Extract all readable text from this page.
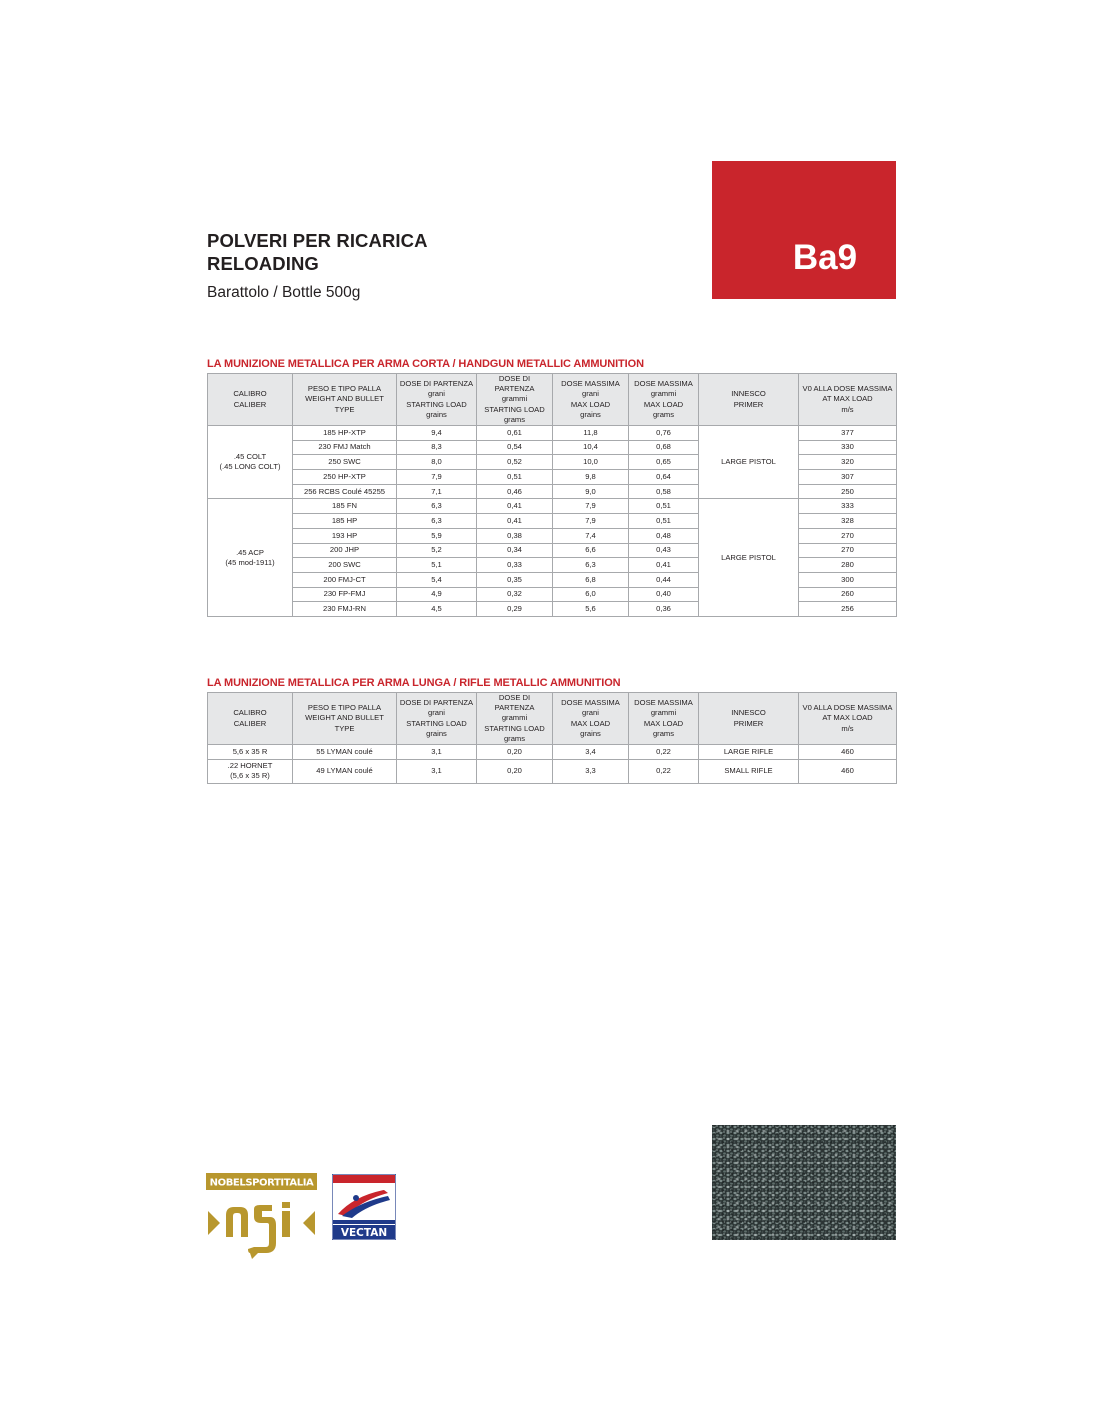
POLVERI PER RICARICA
RELOADING
Barattolo / Bottle 500g
Ba9
LA MUNIZIONE METALLICA PER ARMA CORTA / HANDGUN METALLIC AMMUNITION
CALIBRO
CALIBER	PESO E TIPO PALLA
WEIGHT AND BULLET TYPE	DOSE DI PARTENZA
grani
STARTING LOAD
grains	DOSE DI PARTENZA
grammi
STARTING LOAD
grams	DOSE MASSIMA
grani
MAX LOAD
grains	DOSE MASSIMA
grammi
MAX LOAD
grams	INNESCO
PRIMER	V0 ALLA DOSE MASSIMA
AT MAX LOAD
m/s

.45 COLT
(.45 LONG COLT)	185 HP-XTP	9,4	0,61	11,8	0,76	LARGE PISTOL	377
	230 FMJ Match	8,3	0,54	10,4	0,68		330
	250 SWC	8,0	0,52	10,0	0,65		320
	250 HP-XTP	7,9	0,51	9,8	0,64		307
	256 RCBS Coulé 45255	7,1	0,46	9,0	0,58		250

.45 ACP
(45 mod-1911)	185 FN	6,3	0,41	7,9	0,51	LARGE PISTOL	333
	185 HP	6,3	0,41	7,9	0,51		328
	193 HP	5,9	0,38	7,4	0,48		270
	200 JHP	5,2	0,34	6,6	0,43		270
	200 SWC	5,1	0,33	6,3	0,41		280
	200 FMJ-CT	5,4	0,35	6,8	0,44		300
	230 FP-FMJ	4,9	0,32	6,0	0,40		260
	230 FMJ-RN	4,5	0,29	5,6	0,36		256
LA MUNIZIONE METALLICA PER ARMA LUNGA / RIFLE METALLIC AMMUNITION
CALIBRO
CALIBER	PESO E TIPO PALLA
WEIGHT AND BULLET TYPE	DOSE DI PARTENZA
grani
STARTING LOAD
grains	DOSE DI PARTENZA
grammi
STARTING LOAD
grams	DOSE MASSIMA
grani
MAX LOAD
grains	DOSE MASSIMA
grammi
MAX LOAD
grams	INNESCO
PRIMER	V0 ALLA DOSE MASSIMA
AT MAX LOAD
m/s

5,6 x 35 R	55 LYMAN coulé	3,1	0,20	3,4	0,22	LARGE RIFLE	460

.22 HORNET
(5,6 x 35 R)	49 LYMAN coulé	3,1	0,20	3,3	0,22	SMALL RIFLE	460
NOBELSPORTITALIA
VECTAN
